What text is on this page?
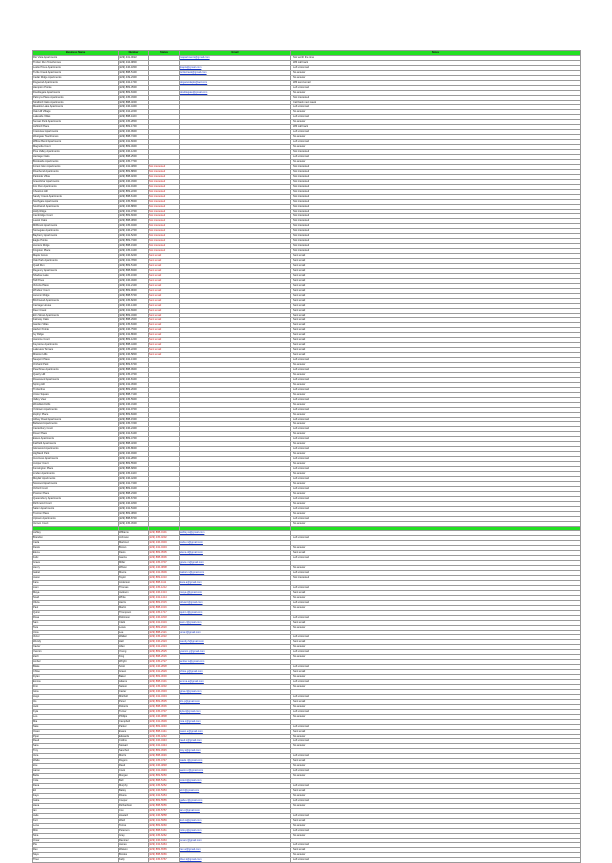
Business Name	Number	Status	Email	Notes
Rio Vista Apartments	(229) 431-0022		rvapartments@gmail.com	Not worth the time
Timber Run Townhomes	(229) 434-9800			Will call back
Leslie Pines Apartments	(229) 446-1800		lpapts@gmail.com	Left voicemail
Turtle Creek Apartments	(229) 888-5100		turtlecreek@gmail.com	No answer
Cedar Ridge Apartments	(229) 439-2300			No answer
Dogwood Apartments	(229) 432-1700		dogwoodapts@aol.com	Will send email
Hampton Pointe	(229) 883-3500			Left voicemail
Doublegate Apartments	(229) 883-6300		doublegate@gmail.com	No answer
Palmyra Place Apartments	(229) 435-3300			Not interested
Stratford Oaks Apartments	(229) 888-4000			Call back next week
Meadow Lake Apartments	(229) 436-4400			Left voicemail
Oak Hill Village	(229) 434-2200			No answer
Lakeside Villas	(229) 888-1100			Left voicemail
Sunset Park Apartments	(229) 435-2800			No answer
Ashford Place	(229) 883-1700			Will call back
Crestview Apartments	(229) 436-9900			Left voicemail
Westgate Townhomes	(229) 888-7400			No answer
Willow Bend Apartments	(229) 432-6600			Left voicemail
Magnolia Court	(229) 883-4900			No answer
Pine Valley Apartments	(229) 436-1200			Not interested
Heritage Oaks	(229) 888-2500			Left voicemail
Brookside Apartments	(229) 435-7700			No answer
Forest Glen Apartments	(229) 432-4800	Not interested		Not interested
Riverbend Apartments	(229) 883-8800	Not interested		Not interested
Parkside Villas	(229) 888-9200	Not interested		Not interested
Greenbriar Apartments	(229) 436-3300	Not interested		Not interested
Fox Run Apartments	(229) 432-9100	Not interested		Not interested
Chestnut Hill	(229) 883-2200	Not interested		Not interested
Sandy Creek Apartments	(229) 888-6100	Not interested		Not interested
Northgate Apartments	(229) 435-5500	Not interested		Not interested
Southwind Apartments	(229) 436-8800	Not interested		Not interested
Holly Ridge	(229) 432-3700	Not interested		Not interested
Cambridge Court	(229) 883-6600	Not interested		Not interested
Laurel Oaks	(229) 888-3800	Not interested		Not interested
Millbrook Apartments	(229) 435-9400	Not interested		Not interested
Stonegate Apartments	(229) 436-2700	Not interested		Not interested
Bayberry Apartments	(229) 432-5200	Not interested		Not interested
Eagle Pointe	(229) 883-7300	Not interested		Not interested
Hunters Ridge	(229) 888-1900	Not interested		Not interested
Kingston Place	(229) 435-4100	Not interested		Not interested
Maple Grove	(229) 436-6200	Sent email		Sent email
Oak Park Apartments	(229) 432-7800	Sent email		Sent email
Quail Run	(229) 883-5100	Sent email		Sent email
Regency Apartments	(229) 888-8300	Sent email		Sent email
Shadow Lake	(229) 435-1600	Sent email		Sent email
Tall Pines	(229) 436-4900	Sent email		Sent email
Victoria Place	(229) 432-2100	Sent email		Sent email
Windsor Court	(229) 883-9600	Sent email		Sent email
Autumn Ridge	(229) 888-5700	Sent email		Sent email
Birchwood Apartments	(229) 435-8200	Sent email		Sent email
Carriage House	(229) 436-1400	Sent email		Sent email
Deer Creek	(229) 432-6900	Sent email		Sent email
Elm Street Apartments	(229) 883-3400	Sent email		Sent email
Fairway Oaks	(229) 888-2900	Sent email		Sent email
Garden Villas	(229) 435-6300	Sent email		Sent email
Harbor Pointe	(229) 436-7500	Sent email		Sent email
Ivy Ridge	(229) 432-8600	Sent email		Sent email
Jasmine Court	(229) 883-1200	Sent email		Sent email
Keystone Apartments	(229) 888-4400	Sent email		Sent email
Lakeview Terrace	(229) 435-2200	Sent email		Sent email
Mission Hills	(229) 436-5800	Sent email		Sent email
Newport Place	(229) 432-1300			Left voicemail
Orchard Park	(229) 883-6700			No answer
Peachtree Apartments	(229) 888-9900			Left voicemail
Quarry Hill	(229) 435-3700			No answer
Rosewood Apartments	(229) 436-8100			Left voicemail
Spring Hill	(229) 432-4500			No answer
Timberline	(229) 883-2600			Left voicemail
Union Square	(229) 888-7100			No answer
Valley View	(229) 435-5900			Left voicemail
Woodland Hills	(229) 436-3100			No answer
Yorktown Apartments	(229) 432-9700			Left voicemail
Zephyr Place	(229) 883-8400			No answer
Abbey Road Apartments	(229) 888-1500			Left voicemail
Bellwood Apartments	(229) 435-7200			No answer
Canterbury Court	(229) 436-2400			Left voicemail
Dover Place	(229) 432-6100			No answer
Essex Apartments	(229) 883-4700			Left voicemail
Fairfield Apartments	(229) 888-3200			No answer
Glenwood Apartments	(229) 435-8600			Left voicemail
Highland Park	(229) 436-9300			No answer
Inverness Apartments	(229) 432-2800			Left voicemail
Juniper Court	(229) 883-5500			No answer
Kensington Place	(229) 888-6800			Left voicemail
Linden Apartments	(229) 435-1100			No answer
Mayfair Apartments	(229) 436-4200			Left voicemail
Norwood Apartments	(229) 432-7400			No answer
Oxford Court	(229) 883-9100			Left voicemail
Preston Place	(229) 888-2300			No answer
Queensbury Apartments	(229) 435-6700			Left voicemail
Richmond Court	(229) 436-1800			No answer
Salem Apartments	(229) 432-5300			Left voicemail
Trenton Place	(229) 883-3800			No answer
Uptown Apartments	(229) 888-8700			Left voicemail
Vernon Court	(229) 435-4500			No answer

Ashley	Williams	(229) 888-0101	ashley.w@gmail.com	
Brandon	Johnson	(229) 435-0202		Left voicemail
Carla	Martinez	(229) 436-0303	carla.m@gmail.com	
Derek	Brown	(229) 432-0404		No answer
Elena	Davis	(229) 883-0505	elena.d@gmail.com	Sent email
Felix	Garcia	(229) 888-0606		Left voicemail
Grace	Miller	(229) 435-0707	grace.m@gmail.com	
Henry	Wilson	(229) 436-0808		No answer
Isabel	Moore	(229) 432-0909	isabel.m@gmail.com	Left voicemail
Jason	Taylor	(229) 883-1010		Not interested
Kara	Anderson	(229) 888-1111	kara.a@gmail.com	
Liam	Thomas	(229) 435-1212		Left voicemail
Maya	Jackson	(229) 436-1313	maya.j@gmail.com	Sent email
Noah	White	(229) 432-1414		No answer
Olivia	Harris	(229) 883-1515	olivia.h@gmail.com	Left voicemail
Paul	Martin	(229) 888-1616		No answer
Quinn	Thompson	(229) 435-1717	quinn.t@gmail.com	
Rosa	Robinson	(229) 436-1818		Left voicemail
Sam	Clark	(229) 432-1919	sam.c@gmail.com	Sent email
Tara	Lewis	(229) 883-2020		No answer
Uma	Lee	(229) 888-2121	uma.l@gmail.com	
Victor	Walker	(229) 435-2222		Left voicemail
Wendy	Hall	(229) 436-2323	wendy.h@gmail.com	Sent email
Xavier	Allen	(229) 432-2424		No answer
Yasmin	Young	(229) 883-2525	yasmin.y@gmail.com	Left voicemail
Zach	King	(229) 888-2626		No answer
Amber	Wright	(229) 435-2727	amber.w@gmail.com	
Blake	Scott	(229) 436-2828		Left voicemail
Chloe	Green	(229) 432-2929	chloe.g@gmail.com	Sent email
Dylan	Baker	(229) 883-3030		No answer
Emma	Adams	(229) 888-3131	emma.a@gmail.com	Left voicemail
Finn	Nelson	(229) 435-3232		No answer
Gina	Carter	(229) 436-3333	gina.c@gmail.com	
Hugo	Mitchell	(229) 432-3434		Left voicemail
Iris	Perez	(229) 883-3535	iris.p@gmail.com	Sent email
Jack	Roberts	(229) 888-3636		No answer
Kyla	Turner	(229) 435-3737	kyla.t@gmail.com	Left voicemail
Leo	Phillips	(229) 436-3838		No answer
Mia	Campbell	(229) 432-3939	mia.c@gmail.com	
Nate	Parker	(229) 883-4040		Left voicemail
Owen	Evans	(229) 888-4141	owen.e@gmail.com	Sent email
Piper	Edwards	(229) 435-4242		No answer
Reed	Collins	(229) 436-4343	reed.c@gmail.com	Left voicemail
Sara	Stewart	(229) 432-4444		No answer
Troy	Sanchez	(229) 883-4545	troy.s@gmail.com	
Vera	Morris	(229) 888-4646		Left voicemail
Wade	Rogers	(229) 435-4747	wade.r@gmail.com	Sent email
Zoe	Reed	(229) 436-4848		No answer
Aaron	Cook	(229) 432-4949	aaron.c@gmail.com	Left voicemail
Bella	Morgan	(229) 883-5050		No answer
Cole	Bell	(229) 888-5151	cole.b@gmail.com	
Dana	Murphy	(229) 435-5252		Left voicemail
Eli	Bailey	(229) 436-5353	eli.b@gmail.com	Sent email
Faye	Rivera	(229) 432-5454		No answer
Gabe	Cooper	(229) 883-5555	gabe.c@gmail.com	Left voicemail
Hana	Richardson	(229) 888-5656		No answer
Ian	Cox	(229) 435-5757	ian.c@gmail.com	
Jade	Howard	(229) 436-5858		Left voicemail
Kurt	Ward	(229) 432-5959	kurt.w@gmail.com	Sent email
Lena	Torres	(229) 883-6060		No answer
Milo	Peterson	(229) 888-6161	milo.p@gmail.com	Left voicemail
Nina	Gray	(229) 435-6262		No answer
Omar	Ramirez	(229) 436-6363	omar.r@gmail.com	
Pia	James	(229) 432-6464		Left voicemail
Rex	Watson	(229) 883-6565	rex.w@gmail.com	Sent email
Skye	Brooks	(229) 888-6666		No answer
Theo	Kelly	(229) 435-6767	theo.k@gmail.com	Left voicemail
